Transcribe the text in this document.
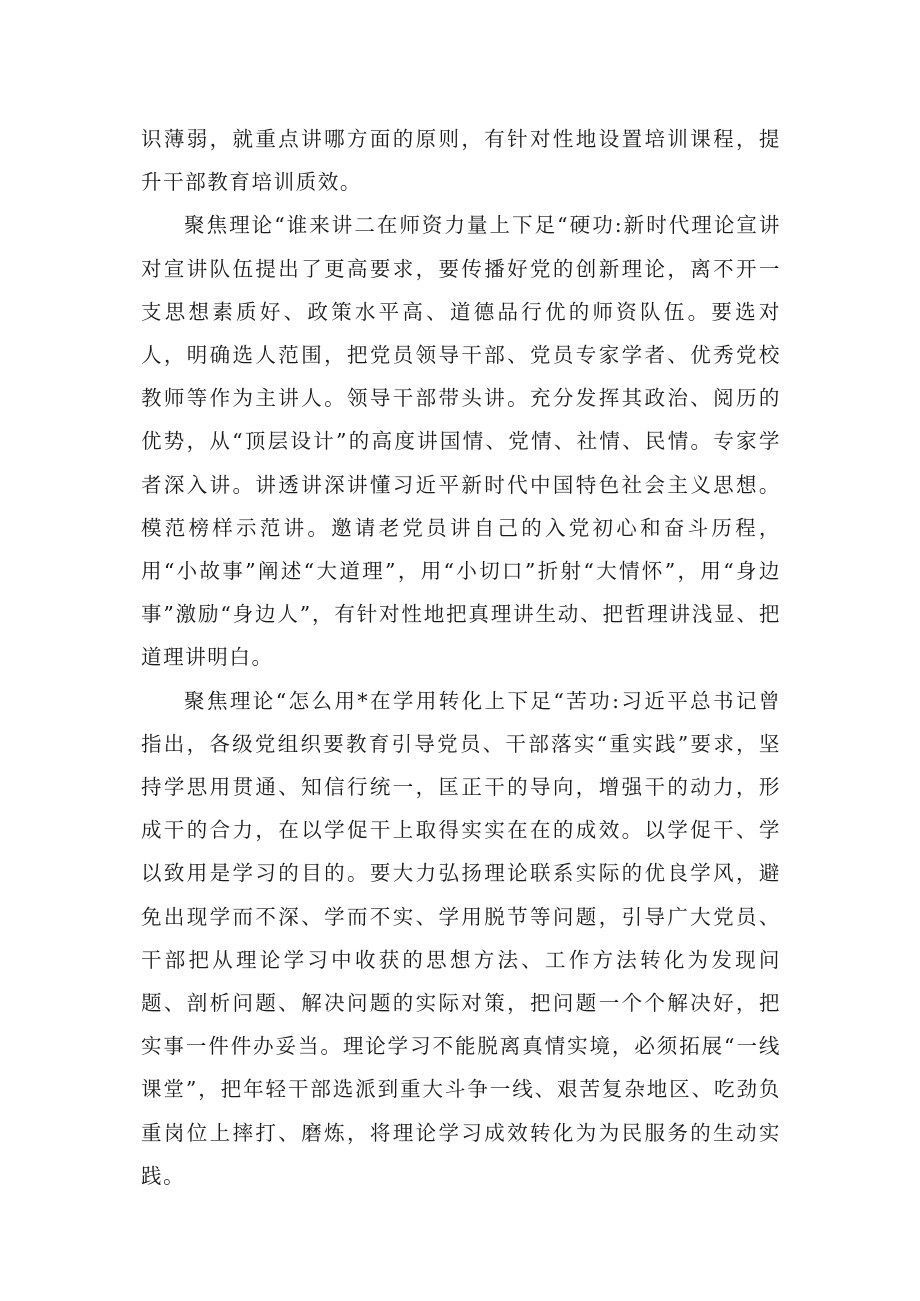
识薄弱，就重点讲哪方面的原则，有针对性地设置培训课程，提升干部教育培训质效。

聚焦理论“谁来讲二在师资力量上下足“硬功:新时代理论宣讲对宣讲队伍提出了更高要求，要传播好党的创新理论，离不开一支思想素质好、政策水平高、道德品行优的师资队伍。要选对人，明确选人范围，把党员领导干部、党员专家学者、优秀党校教师等作为主讲人。领导干部带头讲。充分发挥其政治、阅历的优势，从“顶层设计”的高度讲国情、党情、社情、民情。专家学者深入讲。讲透讲深讲懂习近平新时代中国特色社会主义思想。模范榜样示范讲。邀请老党员讲自己的入党初心和奋斗历程，用“小故事”阐述“大道理”，用“小切口”折射“大情怀”，用“身边事”激励“身边人”，有针对性地把真理讲生动、把哲理讲浅显、把道理讲明白。

聚焦理论“怎么用*在学用转化上下足“苦功:习近平总书记曾指出，各级党组织要教育引导党员、干部落实“重实践”要求，坚持学思用贯通、知信行统一，匡正干的导向，增强干的动力，形成干的合力，在以学促干上取得实实在在的成效。以学促干、学以致用是学习的目的。要大力弘扬理论联系实际的优良学风，避免出现学而不深、学而不实、学用脱节等问题，引导广大党员、干部把从理论学习中收获的思想方法、工作方法转化为发现问题、剖析问题、解决问题的实际对策，把问题一个个解决好，把实事一件件办妥当。理论学习不能脱离真情实境，必须拓展“一线课堂”，把年轻干部选派到重大斗争一线、艰苦复杂地区、吃劲负重岗位上摔打、磨炼，将理论学习成效转化为为民服务的生动实践。
